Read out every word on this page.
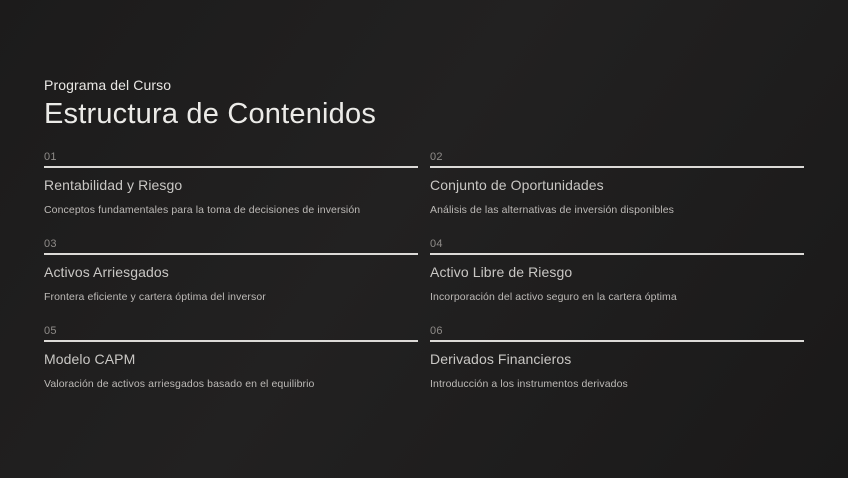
Programa del Curso
Estructura de Contenidos
01
Rentabilidad y Riesgo
Conceptos fundamentales para la toma de decisiones de inversión
02
Conjunto de Oportunidades
Análisis de las alternativas de inversión disponibles
03
Activos Arriesgados
Frontera eficiente y cartera óptima del inversor
04
Activo Libre de Riesgo
Incorporación del activo seguro en la cartera óptima
05
Modelo CAPM
Valoración de activos arriesgados basado en el equilibrio
06
Derivados Financieros
Introducción a los instrumentos derivados
